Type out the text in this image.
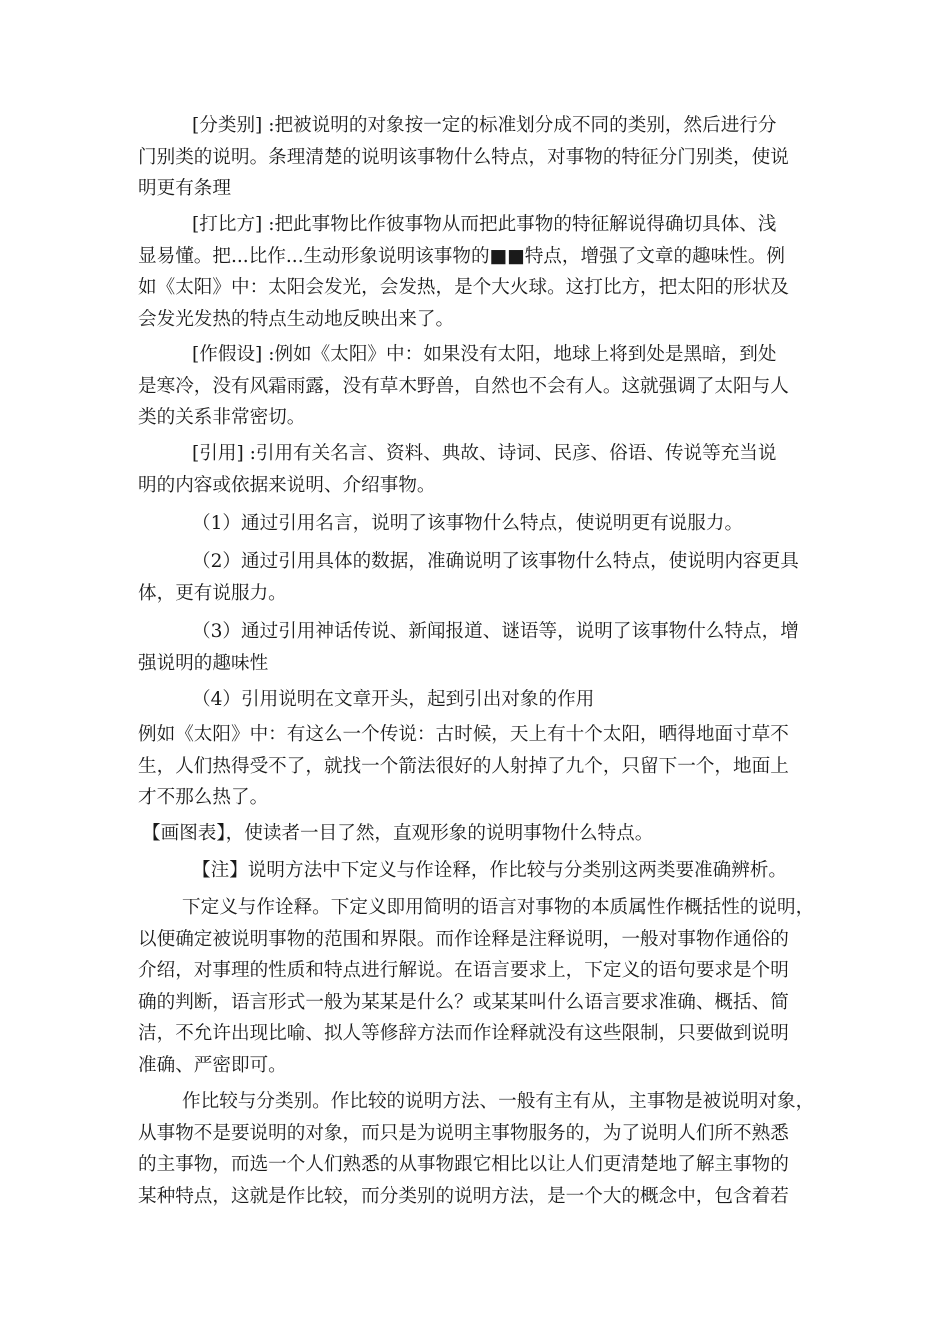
[分类别] :把被说明的对象按一定的标准划分成不同的类别，然后进行分
门别类的说明。条理清楚的说明该事物什么特点，对事物的特征分门别类，使说
明更有条理

[打比方] :把此事物比作彼事物从而把此事物的特征解说得确切具体、浅
显易懂。把...比作...生动形象说明该事物的■■特点，增强了文章的趣味性。例
如《太阳》中：太阳会发光，会发热，是个大火球。这打比方，把太阳的形状及
会发光发热的特点生动地反映出来了。

[作假设] :例如《太阳》中：如果没有太阳，地球上将到处是黑暗，到处
是寒冷，没有风霜雨露，没有草木野兽，自然也不会有人。这就强调了太阳与人
类的关系非常密切。

[引用] :引用有关名言、资料、典故、诗词、民彦、俗语、传说等充当说
明的内容或依据来说明、介绍事物。

（1）通过引用名言，说明了该事物什么特点，使说明更有说服力。

（2）通过引用具体的数据，准确说明了该事物什么特点，使说明内容更具
体，更有说服力。

（3）通过引用神话传说、新闻报道、谜语等，说明了该事物什么特点，增
强说明的趣味性

（4）引用说明在文章开头，起到引出对象的作用

例如《太阳》中：有这么一个传说：古时候，天上有十个太阳，晒得地面寸草不
生，人们热得受不了，就找一个箭法很好的人射掉了九个，只留下一个，地面上
才不那么热了。

【画图表】，使读者一目了然，直观形象的说明事物什么特点。

【注】说明方法中下定义与作诠释，作比较与分类别这两类要准确辨析。

下定义与作诠释。下定义即用简明的语言对事物的本质属性作概括性的说明，
以便确定被说明事物的范围和界限。而作诠释是注释说明，一般对事物作通俗的
介绍，对事理的性质和特点进行解说。在语言要求上，下定义的语句要求是个明
确的判断，语言形式一般为某某是什么？或某某叫什么语言要求准确、概括、简
洁，不允许出现比喻、拟人等修辞方法而作诠释就没有这些限制，只要做到说明
准确、严密即可。

作比较与分类别。作比较的说明方法、一般有主有从，主事物是被说明对象，
从事物不是要说明的对象，而只是为说明主事物服务的，为了说明人们所不熟悉
的主事物，而选一个人们熟悉的从事物跟它相比以让人们更清楚地了解主事物的
某种特点，这就是作比较，而分类别的说明方法，是一个大的概念中，包含着若
